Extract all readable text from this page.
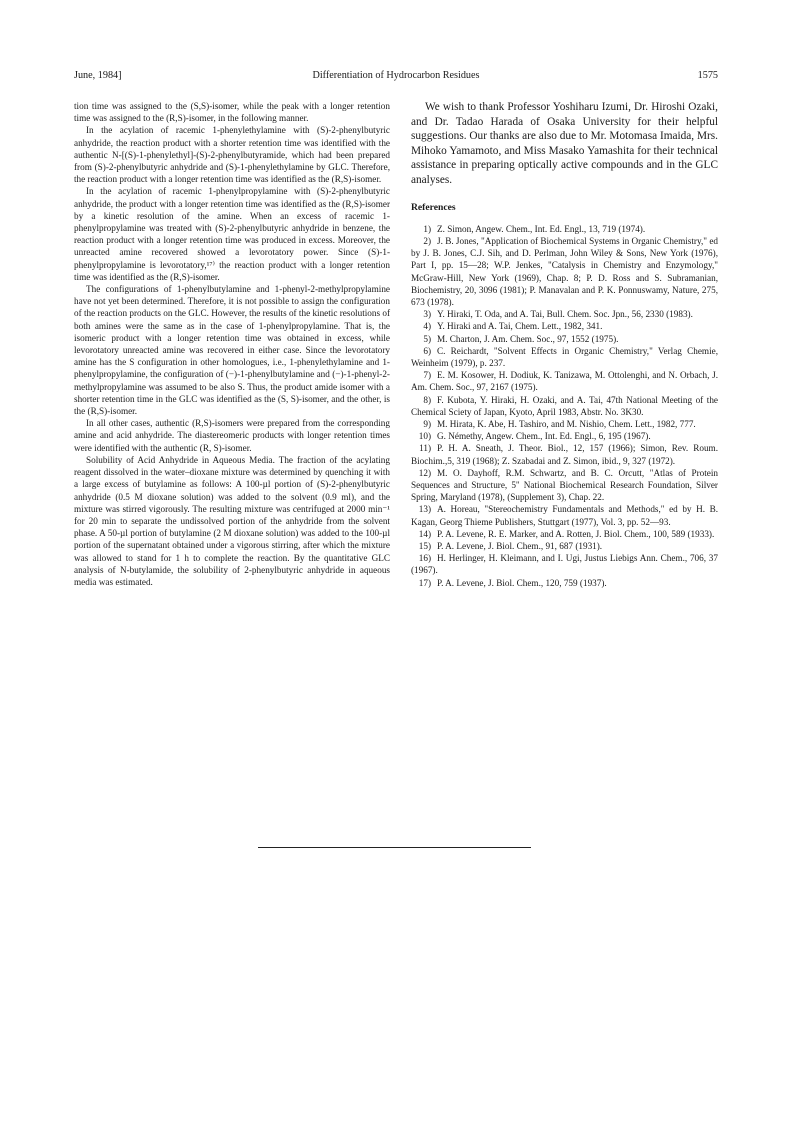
June, 1984]	Differentiation of Hydrocarbon Residues	1575

tion time was assigned to the (S,S)-isomer, while the peak with a longer retention time was assigned to the (R,S)-isomer, in the following manner.

In the acylation of racemic 1-phenylethylamine with (S)-2-phenylbutyric anhydride, the reaction product with a shorter retention time was identified with the authentic N-[(S)-1-phenylethyl]-(S)-2-phenylbutyramide, which had been prepared from (S)-2-phenylbutyric anhydride and (S)-1-phenylethylamine by GLC. Therefore, the reaction product with a longer retention time was identified as the (R,S)-isomer.

In the acylation of racemic 1-phenylpropylamine with (S)-2-phenylbutyric anhydride, the product with a longer retention time was identified as the (R,S)-isomer by a kinetic resolution of the amine. When an excess of racemic 1-phenylpropylamine was treated with (S)-2-phenylbutyric anhydride in benzene, the reaction product with a longer retention time was produced in excess. Moreover, the unreacted amine recovered showed a levorotatory power. Since (S)-1-phenylpropylamine is levorotatory,¹⁷⁾ the reaction product with a longer retention time was identified as the (R,S)-isomer.

The configurations of 1-phenylbutylamine and 1-phenyl-2-methylpropylamine have not yet been determined. Therefore, it is not possible to assign the configuration of the reaction products on the GLC. However, the results of the kinetic resolutions of both amines were the same as in the case of 1-phenylpropylamine. That is, the isomeric product with a longer retention time was obtained in excess, while levorotatory unreacted amine was recovered in either case. Since the levorotatory amine has the S configuration in other homologues, i.e., 1-phenylethylamine and 1-phenylpropylamine, the configuration of (−)-1-phenylbutylamine and (−)-1-phenyl-2-methylpropylamine was assumed to be also S. Thus, the product amide isomer with a shorter retention time in the GLC was identified as the (S, S)-isomer, and the other, is the (R,S)-isomer.

In all other cases, authentic (R,S)-isomers were prepared from the corresponding amine and acid anhydride. The diastereomeric products with longer retention times were identified with the authentic (R, S)-isomer.

Solubility of Acid Anhydride in Aqueous Media. The fraction of the acylating reagent dissolved in the water–dioxane mixture was determined by quenching it with a large excess of butylamine as follows: A 100-µl portion of (S)-2-phenylbutyric anhydride (0.5 M dioxane solution) was added to the solvent (0.9 ml), and the mixture was stirred vigorously. The resulting mixture was centrifuged at 2000 min⁻¹ for 20 min to separate the undissolved portion of the anhydride from the solvent phase. A 50-µl portion of butylamine (2 M dioxane solution) was added to the 100-µl portion of the supernatant obtained under a vigorous stirring, after which the mixture was allowed to stand for 1 h to complete the reaction. By the quantitative GLC analysis of N-butylamide, the solubility of 2-phenylbutyric anhydride in aqueous media was estimated.

We wish to thank Professor Yoshiharu Izumi, Dr. Hiroshi Ozaki, and Dr. Tadao Harada of Osaka University for their helpful suggestions. Our thanks are also due to Mr. Motomasa Imaida, Mrs. Mihoko Yamamoto, and Miss Masako Yamashita for their technical assistance in preparing optically active compounds and in the GLC analyses.

References
1) Z. Simon, Angew. Chem., Int. Ed. Engl., 13, 719 (1974).
2) J. B. Jones, "Application of Biochemical Systems in Organic Chemistry," ed by J. B. Jones, C.J. Sih, and D. Perlman, John Wiley & Sons, New York (1976), Part I, pp. 15—28; W.P. Jenkes, "Catalysis in Chemistry and Enzymology," McGraw-Hill, New York (1969), Chap. 8; P. D. Ross and S. Subramanian, Biochemistry, 20, 3096 (1981); P. Manavalan and P. K. Ponnuswamy, Nature, 275, 673 (1978).
3) Y. Hiraki, T. Oda, and A. Tai, Bull. Chem. Soc. Jpn., 56, 2330 (1983).
4) Y. Hiraki and A. Tai, Chem. Lett., 1982, 341.
5) M. Charton, J. Am. Chem. Soc., 97, 1552 (1975).
6) C. Reichardt, "Solvent Effects in Organic Chemistry," Verlag Chemie, Weinheim (1979), p. 237.
7) E. M. Kosower, H. Dodiuk, K. Tanizawa, M. Ottolenghi, and N. Orbach, J. Am. Chem. Soc., 97, 2167 (1975).
8) F. Kubota, Y. Hiraki, H. Ozaki, and A. Tai, 47th National Meeting of the Chemical Sciety of Japan, Kyoto, April 1983, Abstr. No. 3K30.
9) M. Hirata, K. Abe, H. Tashiro, and M. Nishio, Chem. Lett., 1982, 777.
10) G. Némethy, Angew. Chem., Int. Ed. Engl., 6, 195 (1967).
11) P. H. A. Sneath, J. Theor. Biol., 12, 157 (1966); Simon, Rev. Roum. Biochim.,5, 319 (1968); Z. Szabadai and Z. Simon, ibid., 9, 327 (1972).
12) M. O. Dayhoff, R.M. Schwartz, and B. C. Orcutt, "Atlas of Protein Sequences and Structure, 5" National Biochemical Research Foundation, Silver Spring, Maryland (1978), (Supplement 3), Chap. 22.
13) A. Horeau, "Stereochemistry Fundamentals and Methods," ed by H. B. Kagan, Georg Thieme Publishers, Stuttgart (1977), Vol. 3, pp. 52—93.
14) P. A. Levene, R. E. Marker, and A. Rotten, J. Biol. Chem., 100, 589 (1933).
15) P. A. Levene, J. Biol. Chem., 91, 687 (1931).
16) H. Herlinger, H. Kleimann, and I. Ugi, Justus Liebigs Ann. Chem., 706, 37 (1967).
17) P. A. Levene, J. Biol. Chem., 120, 759 (1937).
